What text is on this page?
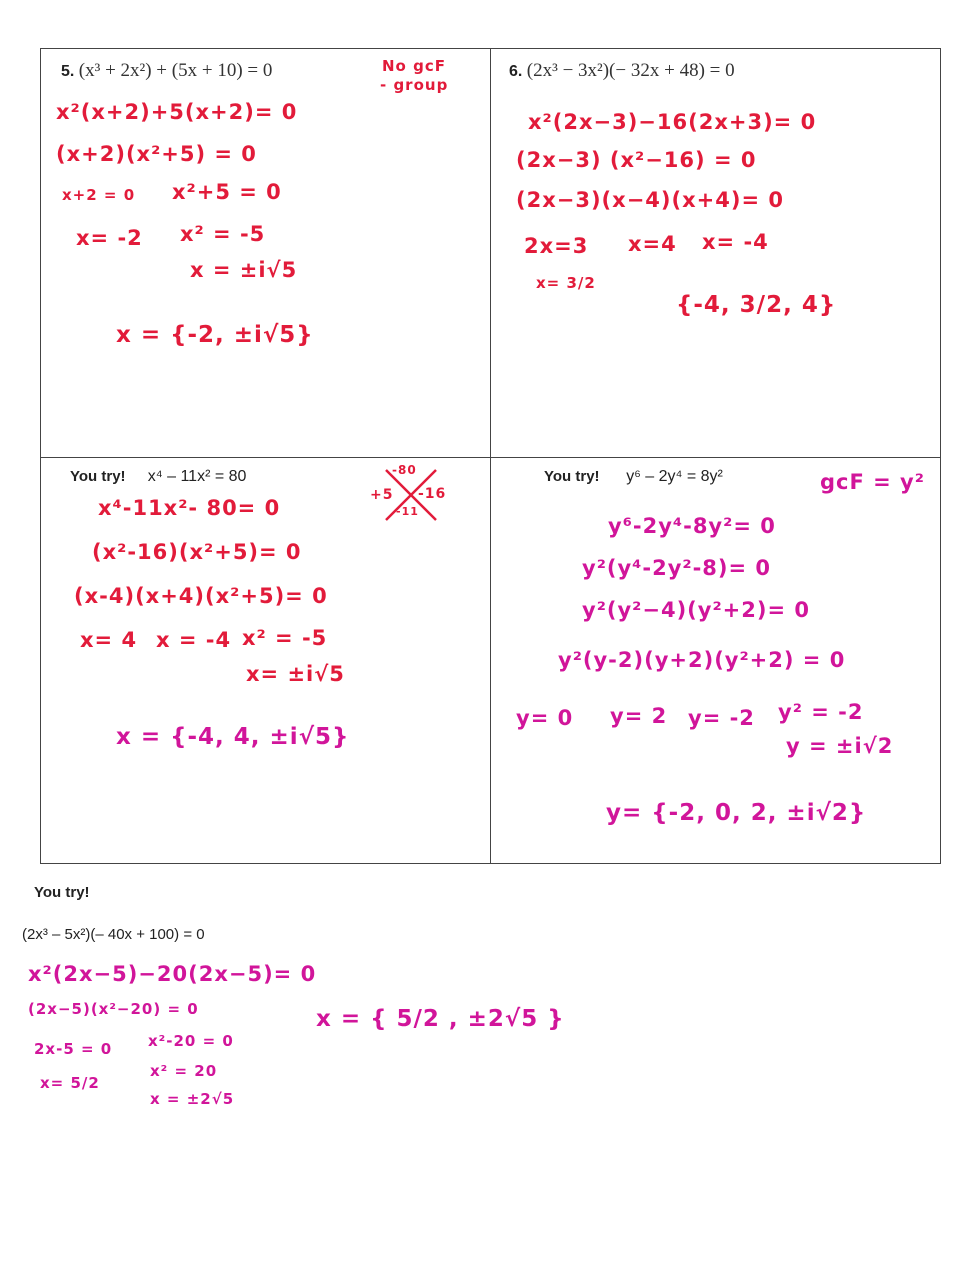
5. (x³ + 2x²) + (5x + 10) = 0	No gcF
- group
x²(x+2)+5(x+2)= 0
(x+2)(x²+5) = 0
x+2 = 0 x²+5 = 0
x= -2 x² = -5
x = ±i√5
x = {-2, ±i√5}
6. (2x³ − 3x²)(− 32x + 48) = 0
x²(2x−3)−16(2x+3)= 0
(2x−3) (x²−16) = 0
(2x−3)(x−4)(x+4)= 0
2x=3 x=4 x= -4
x= 3/2
{-4, 3/2, 4}
You try! x⁴ – 11x² = 80	-80
+5 -16
-11
x⁴-11x²- 80= 0
(x²-16)(x²+5)= 0
(x-4)(x+4)(x²+5)= 0
x= 4 x = -4 x² = -5
x= ±i√5
x = {-4, 4, ±i√5}
You try! y⁶ – 2y⁴ = 8y²	gcF = y²
y⁶-2y⁴-8y²= 0
y²(y⁴-2y²-8)= 0
y²(y²−4)(y²+2)= 0
y²(y-2)(y+2)(y²+2) = 0
y= 0 y= 2 y= -2 y² = -2
y = ±i√2
y= {-2, 0, 2, ±i√2}
You try!
(2x³ – 5x²)(– 40x + 100) = 0
x²(2x−5)−20(2x−5)= 0
(2x−5)(x²−20) = 0
2x-5 = 0 x²-20 = 0
x= 5/2
x² = 20
x = ±2√5
x = { 5/2 , ±2√5 }
